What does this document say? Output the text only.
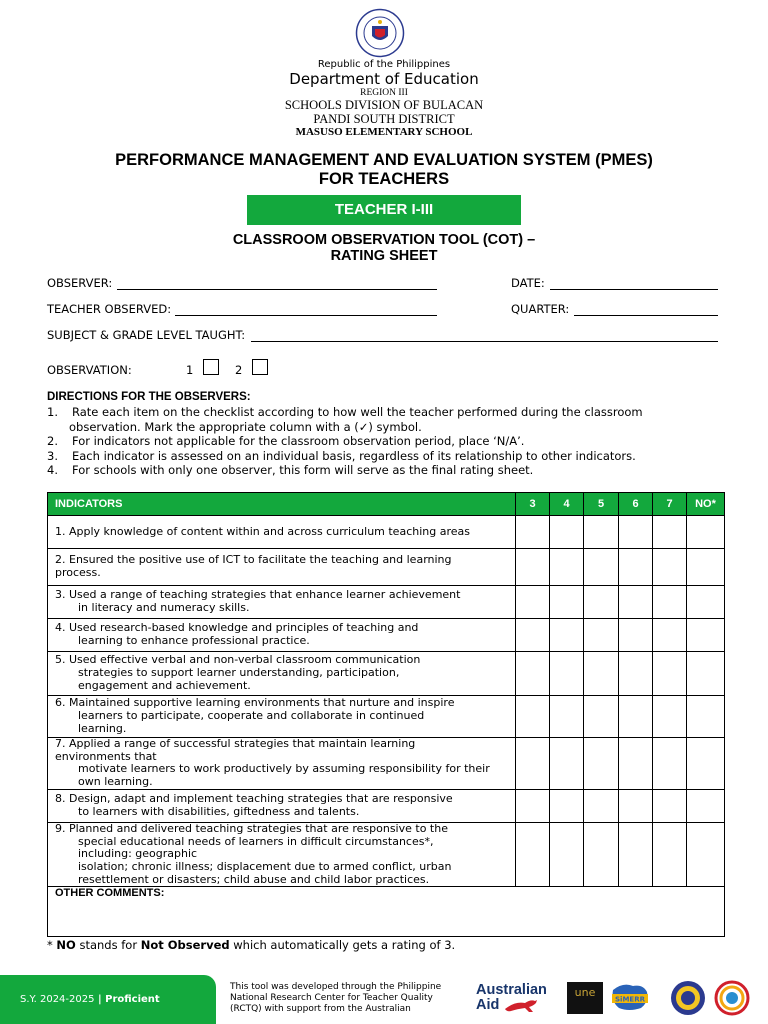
Republic of the Philippines
Department of Education
REGION III
SCHOOLS DIVISION OF BULACAN
PANDI SOUTH DISTRICT
MASUSO ELEMENTARY SCHOOL
PERFORMANCE MANAGEMENT AND EVALUATION SYSTEM (PMES)
FOR TEACHERS
TEACHER I-III
CLASSROOM OBSERVATION TOOL (COT) –
RATING SHEET
OBSERVER:	DATE:
TEACHER OBSERVED:	QUARTER:
SUBJECT & GRADE LEVEL TAUGHT:
OBSERVATION:	1	2
DIRECTIONS FOR THE OBSERVERS:
1. Rate each item on the checklist according to how well the teacher performed during the classroom
observation. Mark the appropriate column with a (✓) symbol.
2. For indicators not applicable for the classroom observation period, place ‘N/A’.
3. Each indicator is assessed on an individual basis, regardless of its relationship to other indicators.
4. For schools with only one observer, this form will serve as the final rating sheet.
INDICATORS	3	4	5	6	7	NO*

1. Apply knowledge of content within and across curriculum teaching areas						

2. Ensured the positive use of ICT to facilitate the teaching and learning
process.						

3. Used a range of teaching strategies that enhance learner achievement
in literacy and numeracy skills.						

4. Used research-based knowledge and principles of teaching and
learning to enhance professional practice.						

5. Used effective verbal and non-verbal classroom communication
strategies to support learner understanding, participation,
engagement and achievement.						

6. Maintained supportive learning environments that nurture and inspire
learners to participate, cooperate and collaborate in continued
learning.						

7. Applied a range of successful strategies that maintain learning
environments that
motivate learners to work productively by assuming responsibility for their
own learning.						

8. Design, adapt and implement teaching strategies that are responsive
to learners with disabilities, giftedness and talents.						

9. Planned and delivered teaching strategies that are responsive to the
special educational needs of learners in difficult circumstances*,
including: geographic
isolation; chronic illness; displacement due to armed conflict, urban
resettlement or disasters; child abuse and child labor practices.						

OTHER COMMENTS:						
* NO stands for Not Observed which automatically gets a rating of 3.
S.Y. 2024-2025 | Proficient
This tool was developed through the Philippine National Research Center for Teacher Quality (RCTQ) with support from the Australian
Australian
Aid
une
SiMERR
